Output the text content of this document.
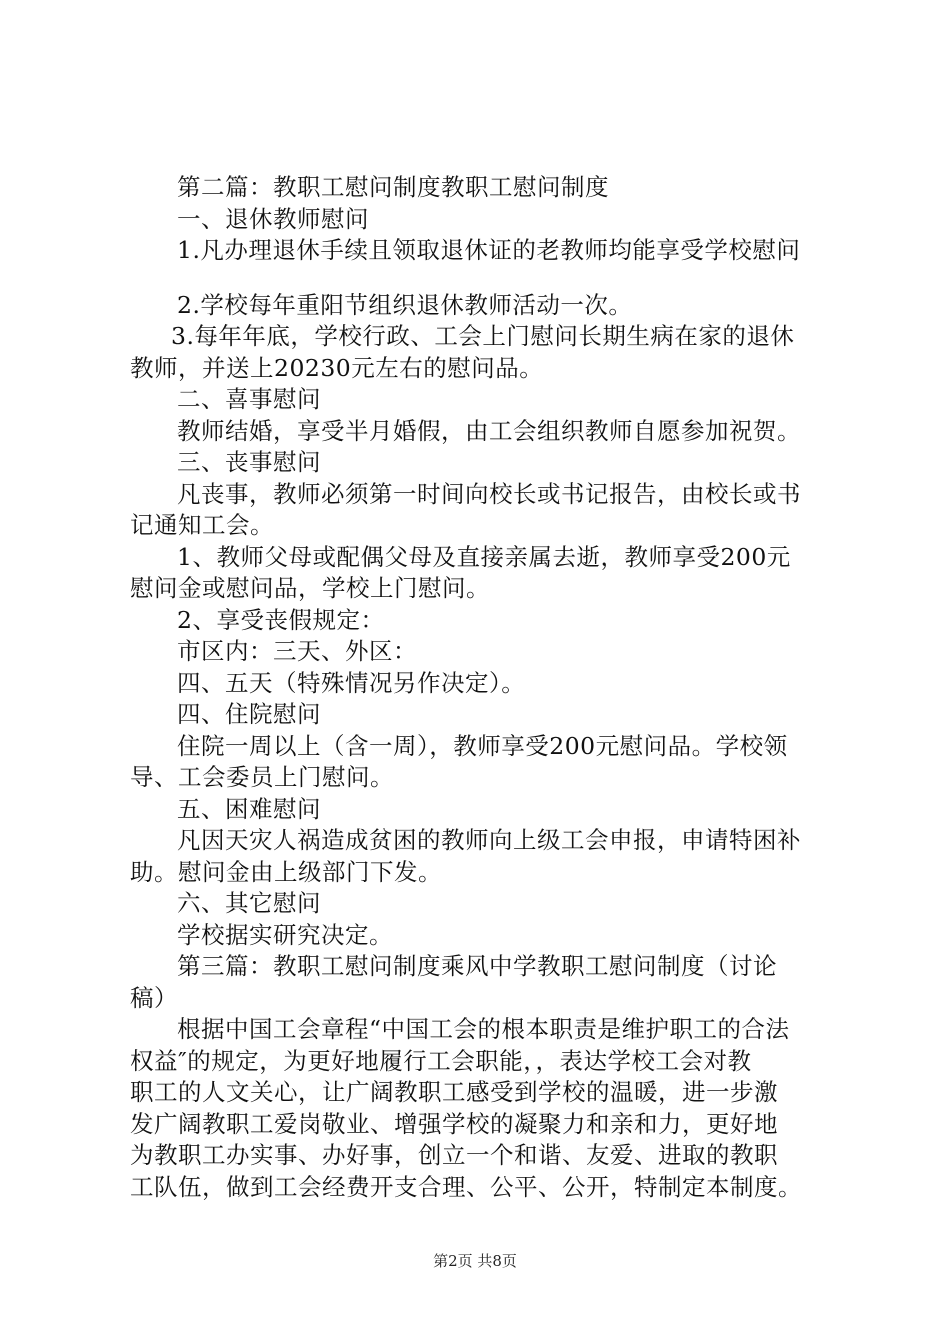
第二篇：教职工慰问制度教职工慰问制度
一、退休教师慰问
1.凡办理退休手续且领取退休证的老教师均能享受学校慰问
2.学校每年重阳节组织退休教师活动一次。
3.每年年底，学校行政、工会上门慰问长期生病在家的退休
教师，并送上20230元左右的慰问品。
二、喜事慰问
教师结婚，享受半月婚假，由工会组织教师自愿参加祝贺。
三、丧事慰问
凡丧事，教师必须第一时间向校长或书记报告，由校长或书
记通知工会。
1、教师父母或配偶父母及直接亲属去逝，教师享受200元
慰问金或慰问品，学校上门慰问。
2、享受丧假规定：
市区内：三天、外区：
四、五天（特殊情况另作决定）。
四、住院慰问
住院一周以上（含一周），教师享受200元慰问品。学校领
导、工会委员上门慰问。
五、困难慰问
凡因天灾人祸造成贫困的教师向上级工会申报，申请特困补
助。慰问金由上级部门下发。
六、其它慰问
学校据实研究决定。
第三篇：教职工慰问制度乘风中学教职工慰问制度（讨论
稿）
根据中国工会章程“中国工会的根本职责是维护职工的合法
权益″的规定，为更好地履行工会职能，，表达学校工会对教
职工的人文关心，让广阔教职工感受到学校的温暖，进一步激
发广阔教职工爱岗敬业、增强学校的凝聚力和亲和力，更好地
为教职工办实事、办好事，创立一个和谐、友爱、进取的教职
工队伍，做到工会经费开支合理、公平、公开，特制定本制度。
第2页 共8页
